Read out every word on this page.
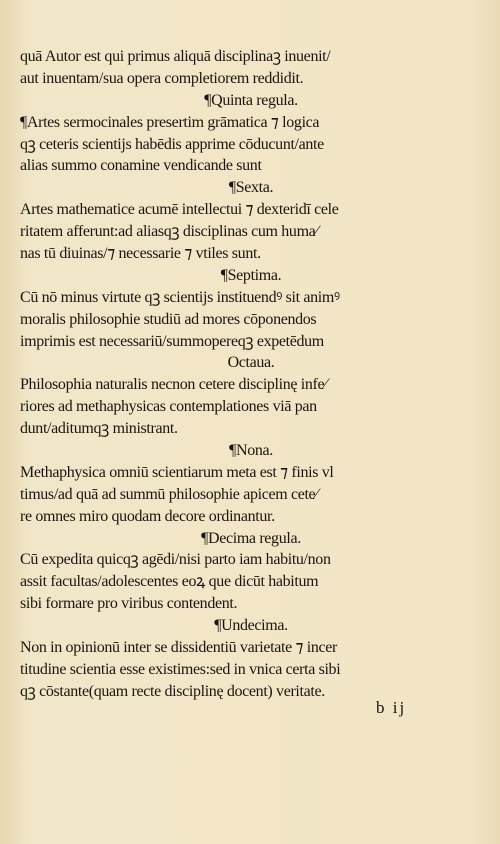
quā Autor est qui primus aliquā disciplinaꝫ inuenit/
aut inuentam/sua opera completiorem reddidit.
¶Quinta regula.
¶Artes sermocinales presertim grāmatica ⁊ logica
qꝫ ceteris scientijs habēdis apprime cōducunt/ante
alias summo conamine vendicande sunt
¶Sexta.
Artes mathematice acumē intellectui ⁊ dexteridī cele
ritatem afferunt:ad aliasqꝫ disciplinas cum huma⁄
nas tū diuinas/⁊ necessarie ⁊ vtiles sunt.
¶Septima.
Cū nō minus virtute qꝫ scientijs instituendꝰ sit animꝰ
moralis philosophie studiū ad mores cōponendos
imprimis est necessariū/summopereqꝫ expetēdum
Octaua.
Philosophia naturalis necnon cetere disciplinę infe⁄
riores ad methaphysicas contemplationes viā pan
dunt/aditumqꝫ ministrant.
¶Nona.
Methaphysica omniū scientiarum meta est ⁊ finis vl
timus/ad quā ad summū philosophie apicem cete⁄
re omnes miro quodam decore ordinantur.
¶Decima regula.
Cū expedita quicqꝫ agēdi/nisi parto iam habitu/non
assit facultas/adolescentes eoꝝ que dicūt habitum
sibi formare pro viribus contendent.
¶Undecima.
Non in opinionū inter se dissidentiū varietate ⁊ incer
titudine scientia esse existimes:sed in vnica certa sibi
qꝫ cōstante(quam recte disciplinę docent) veritate.
b ij
